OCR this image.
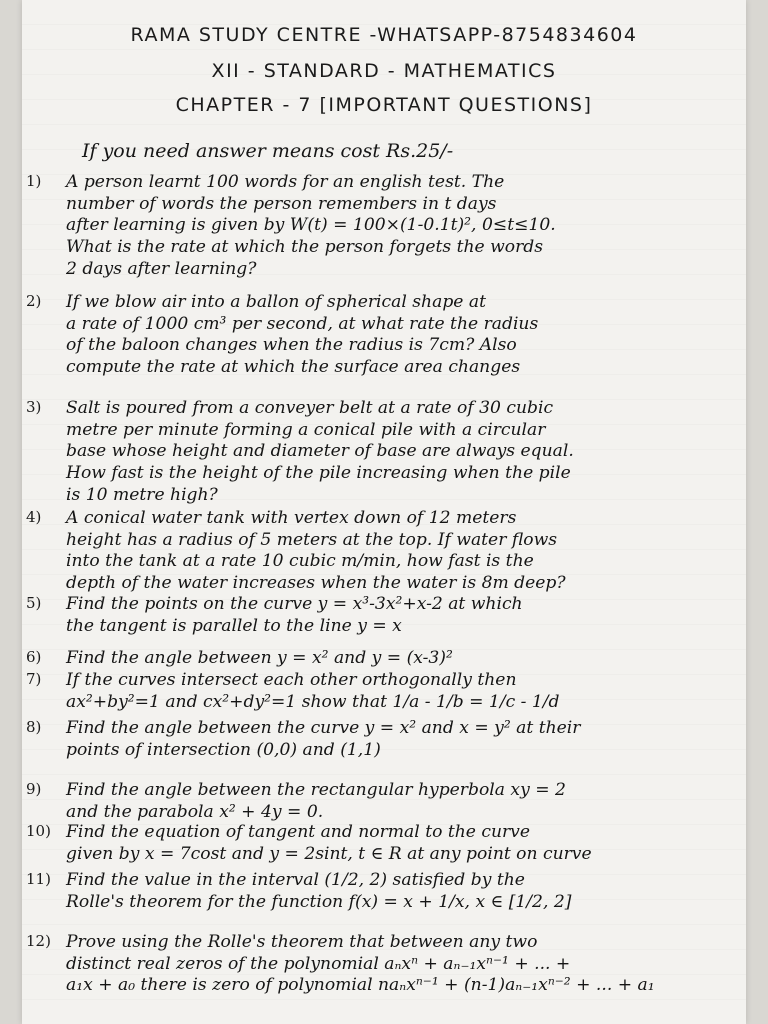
RAMA STUDY CENTRE -WHATSAPP-8754834604
XII - STANDARD - MATHEMATICS
CHAPTER - 7 [IMPORTANT QUESTIONS]
If you need answer means cost Rs.25/-
1) A person learnt 100 words for an english test. The
number of words the person remembers in t days
after learning is given by W(t) = 100×(1-0.1t)², 0≤t≤10.
What is the rate at which the person forgets the words
2 days after learning?
2) If we blow air into a ballon of spherical shape at
a rate of 1000 cm³ per second, at what rate the radius
of the baloon changes when the radius is 7cm? Also
compute the rate at which the surface area changes
3) Salt is poured from a conveyer belt at a rate of 30 cubic
metre per minute forming a conical pile with a circular
base whose height and diameter of base are always equal.
How fast is the height of the pile increasing when the pile
is 10 metre high?
4) A conical water tank with vertex down of 12 meters
height has a radius of 5 meters at the top. If water flows
into the tank at a rate 10 cubic m/min, how fast is the
depth of the water increases when the water is 8m deep?
5) Find the points on the curve y = x³-3x²+x-2 at which
the tangent is parallel to the line y = x
6) Find the angle between y = x² and y = (x-3)²
7) If the curves intersect each other orthogonally then
ax²+by²=1 and cx²+dy²=1 show that 1/a - 1/b = 1/c - 1/d
8) Find the angle between the curve y = x² and x = y² at their
points of intersection (0,0) and (1,1)
9) Find the angle between the rectangular hyperbola xy = 2
and the parabola x² + 4y = 0.
10) Find the equation of tangent and normal to the curve
given by x = 7cost and y = 2sint, t ∈ R at any point on curve
11) Find the value in the interval (1/2, 2) satisfied by the
Rolle's theorem for the function f(x) = x + 1/x, x ∈ [1/2, 2]
12) Prove using the Rolle's theorem that between any two
distinct real zeros of the polynomial aₙxⁿ + aₙ₋₁xⁿ⁻¹ + ... +
a₁x + a₀ there is zero of polynomial naₙxⁿ⁻¹ + (n-1)aₙ₋₁xⁿ⁻² + ... + a₁
